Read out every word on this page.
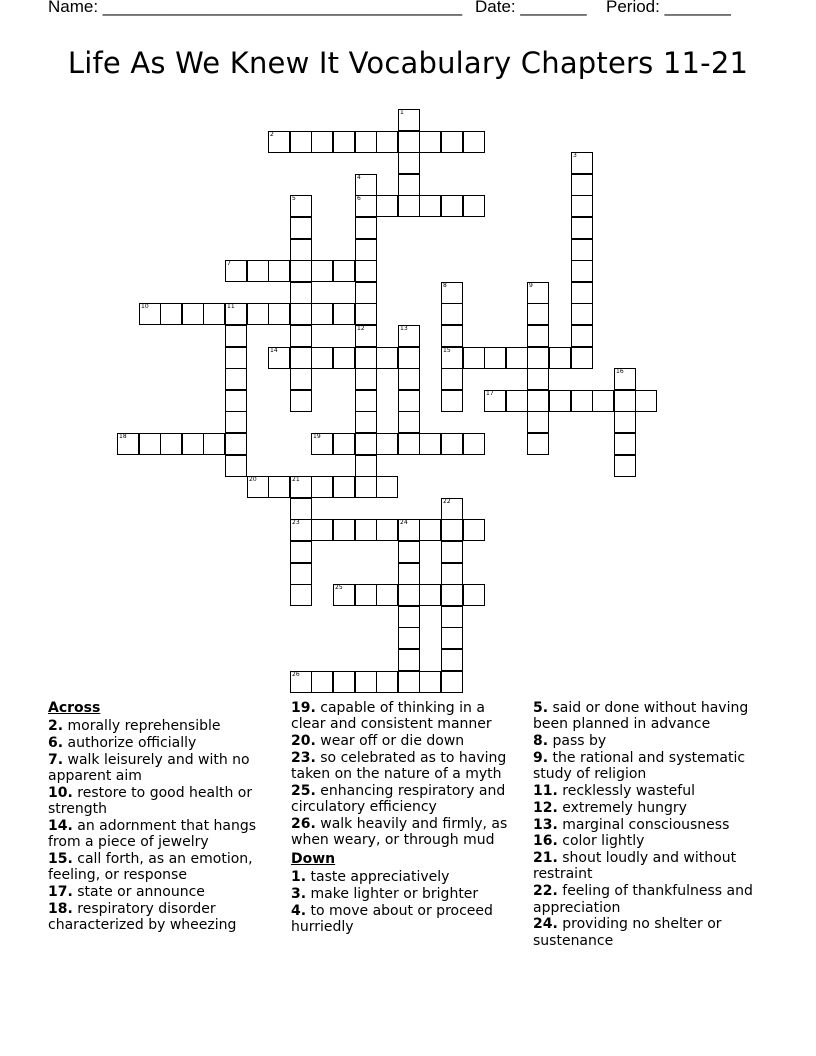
Name: ______________________________________ Date: _______ Period: _______
Life As We Knew It Vocabulary Chapters 11-21
1
2
3
4
6
12
5
7
8
15
9
10	11
13
14
16
17
18	19
20	21
23
22
24
25
26
Across
2. morally reprehensible
6. authorize officially
7. walk leisurely and with no apparent aim
10. restore to good health or strength
14. an adornment that hangs from a piece of jewelry
15. call forth, as an emotion, feeling, or response
17. state or announce
18. respiratory disorder characterized by wheezing
19. capable of thinking in a clear and consistent manner
20. wear off or die down
23. so celebrated as to having taken on the nature of a myth
25. enhancing respiratory and circulatory efficiency
26. walk heavily and firmly, as when weary, or through mud
Down
1. taste appreciatively
3. make lighter or brighter
4. to move about or proceed hurriedly
5. said or done without having been planned in advance
8. pass by
9. the rational and systematic study of religion
11. recklessly wasteful
12. extremely hungry
13. marginal consciousness
16. color lightly
21. shout loudly and without restraint
22. feeling of thankfulness and appreciation
24. providing no shelter or sustenance
